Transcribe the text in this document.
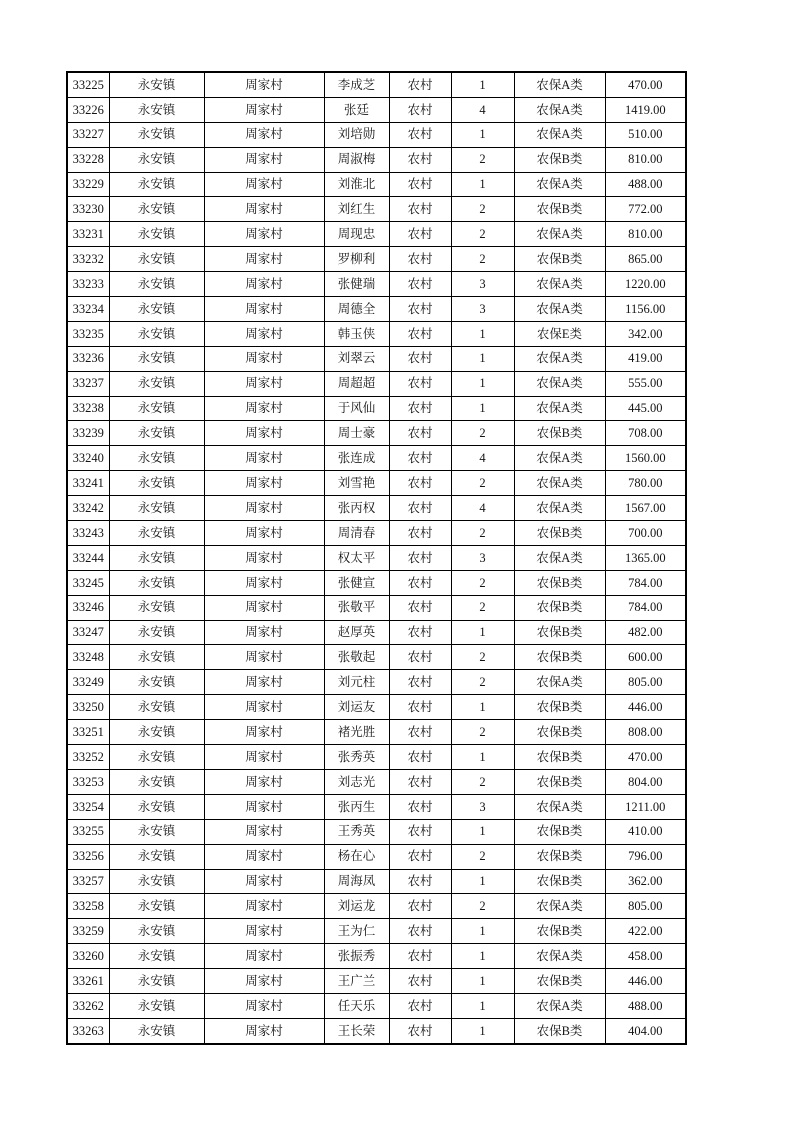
33225	永安镇	周家村	李成芝	农村	1	农保A类	470.00
33226	永安镇	周家村	张廷	农村	4	农保A类	1419.00
33227	永安镇	周家村	刘培勋	农村	1	农保A类	510.00
33228	永安镇	周家村	周淑梅	农村	2	农保B类	810.00
33229	永安镇	周家村	刘淮北	农村	1	农保A类	488.00
33230	永安镇	周家村	刘红生	农村	2	农保B类	772.00
33231	永安镇	周家村	周现忠	农村	2	农保A类	810.00
33232	永安镇	周家村	罗柳利	农村	2	农保B类	865.00
33233	永安镇	周家村	张健瑞	农村	3	农保A类	1220.00
33234	永安镇	周家村	周德全	农村	3	农保A类	1156.00
33235	永安镇	周家村	韩玉侠	农村	1	农保E类	342.00
33236	永安镇	周家村	刘翠云	农村	1	农保A类	419.00
33237	永安镇	周家村	周超超	农村	1	农保A类	555.00
33238	永安镇	周家村	于风仙	农村	1	农保A类	445.00
33239	永安镇	周家村	周士豪	农村	2	农保B类	708.00
33240	永安镇	周家村	张连成	农村	4	农保A类	1560.00
33241	永安镇	周家村	刘雪艳	农村	2	农保A类	780.00
33242	永安镇	周家村	张丙权	农村	4	农保A类	1567.00
33243	永安镇	周家村	周清春	农村	2	农保B类	700.00
33244	永安镇	周家村	权太平	农村	3	农保A类	1365.00
33245	永安镇	周家村	张健宣	农村	2	农保B类	784.00
33246	永安镇	周家村	张敬平	农村	2	农保B类	784.00
33247	永安镇	周家村	赵厚英	农村	1	农保B类	482.00
33248	永安镇	周家村	张敬起	农村	2	农保B类	600.00
33249	永安镇	周家村	刘元柱	农村	2	农保A类	805.00
33250	永安镇	周家村	刘运友	农村	1	农保B类	446.00
33251	永安镇	周家村	褚光胜	农村	2	农保B类	808.00
33252	永安镇	周家村	张秀英	农村	1	农保B类	470.00
33253	永安镇	周家村	刘志光	农村	2	农保B类	804.00
33254	永安镇	周家村	张丙生	农村	3	农保A类	1211.00
33255	永安镇	周家村	王秀英	农村	1	农保B类	410.00
33256	永安镇	周家村	杨在心	农村	2	农保B类	796.00
33257	永安镇	周家村	周海凤	农村	1	农保B类	362.00
33258	永安镇	周家村	刘运龙	农村	2	农保A类	805.00
33259	永安镇	周家村	王为仁	农村	1	农保B类	422.00
33260	永安镇	周家村	张振秀	农村	1	农保A类	458.00
33261	永安镇	周家村	王广兰	农村	1	农保B类	446.00
33262	永安镇	周家村	任天乐	农村	1	农保A类	488.00
33263	永安镇	周家村	王长荣	农村	1	农保B类	404.00
